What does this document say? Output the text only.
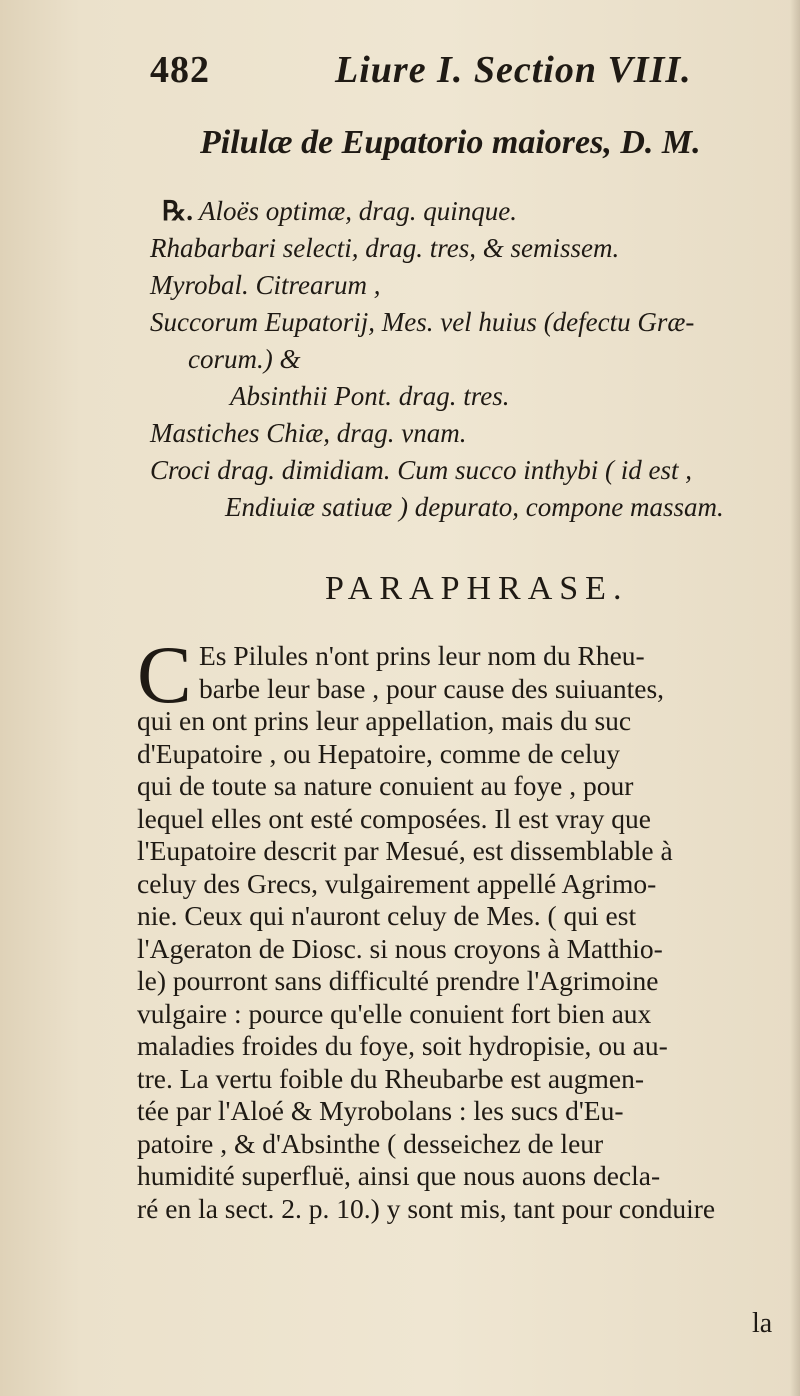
482	Liure I. Section VIII.
Pilulæ de Eupatorio maiores, D. M.
℞. Aloës optimæ, drag. quinque.
Rhabarbari selecti, drag. tres, & semissem.
Myrobal. Citrearum ,
Succorum Eupatorij, Mes. vel huius (defectu Græ-
corum.) &
Absinthii Pont. drag. tres.
Mastiches Chiæ, drag. vnam.
Croci drag. dimidiam. Cum succo inthybi ( id est ,
Endiuiæ satiuæ ) depurato, compone massam.
PARAPHRASE.
C Es Pilules n'ont prins leur nom du Rheu-
barbe leur base , pour cause des suiuantes,
qui en ont prins leur appellation, mais du suc
d'Eupatoire , ou Hepatoire, comme de celuy
qui de toute sa nature conuient au foye , pour
lequel elles ont esté composées. Il est vray que
l'Eupatoire descrit par Mesué, est dissemblable à
celuy des Grecs, vulgairement appellé Agrimo-
nie. Ceux qui n'auront celuy de Mes. ( qui est
l'Ageraton de Diosc. si nous croyons à Matthio-
le) pourront sans difficulté prendre l'Agrimoine
vulgaire : pource qu'elle conuient fort bien aux
maladies froides du foye, soit hydropisie, ou au-
tre. La vertu foible du Rheubarbe est augmen-
tée par l'Aloé & Myrobolans : les sucs d'Eu-
patoire , & d'Absinthe ( desseichez de leur
humidité superfluë, ainsi que nous auons decla-
ré en la sect. 2. p. 10.) y sont mis, tant pour conduire
la
